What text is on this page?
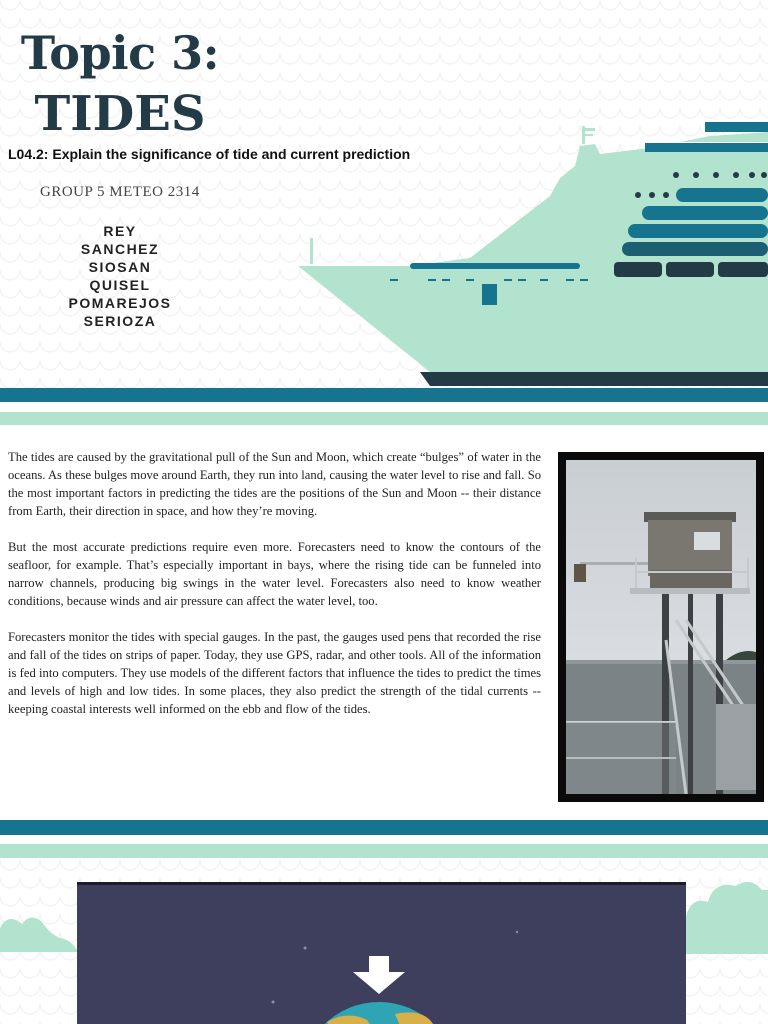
Topic 3:
TIDES
L04.2: Explain the significance of tide and current prediction
GROUP 5 METEO 2314
REY
SANCHEZ
SIOSAN
QUISEL
POMAREJOS
SERIOZA

The tides are caused by the gravitational pull of the Sun and Moon, which create “bulges” of water in the oceans. As these bulges move around Earth, they run into land, causing the water level to rise and fall. So the most important factors in predicting the tides are the positions of the Sun and Moon -- their distance from Earth, their direction in space, and how they’re moving.

But the most accurate predictions require even more. Forecasters need to know the contours of the seafloor, for example. That’s especially important in bays, where the rising tide can be funneled into narrow channels, producing big swings in the water level. Forecasters also need to know weather conditions, because winds and air pressure can affect the water level, too.

Forecasters monitor the tides with special gauges. In the past, the gauges used pens that recorded the rise and fall of the tides on strips of paper. Today, they use GPS, radar, and other tools. All of the information is fed into computers. They use models of the different factors that influence the tides to predict the times and levels of high and low tides. In some places, they also predict the strength of the tidal currents -- keeping coastal interests well informed on the ebb and flow of the tides.
